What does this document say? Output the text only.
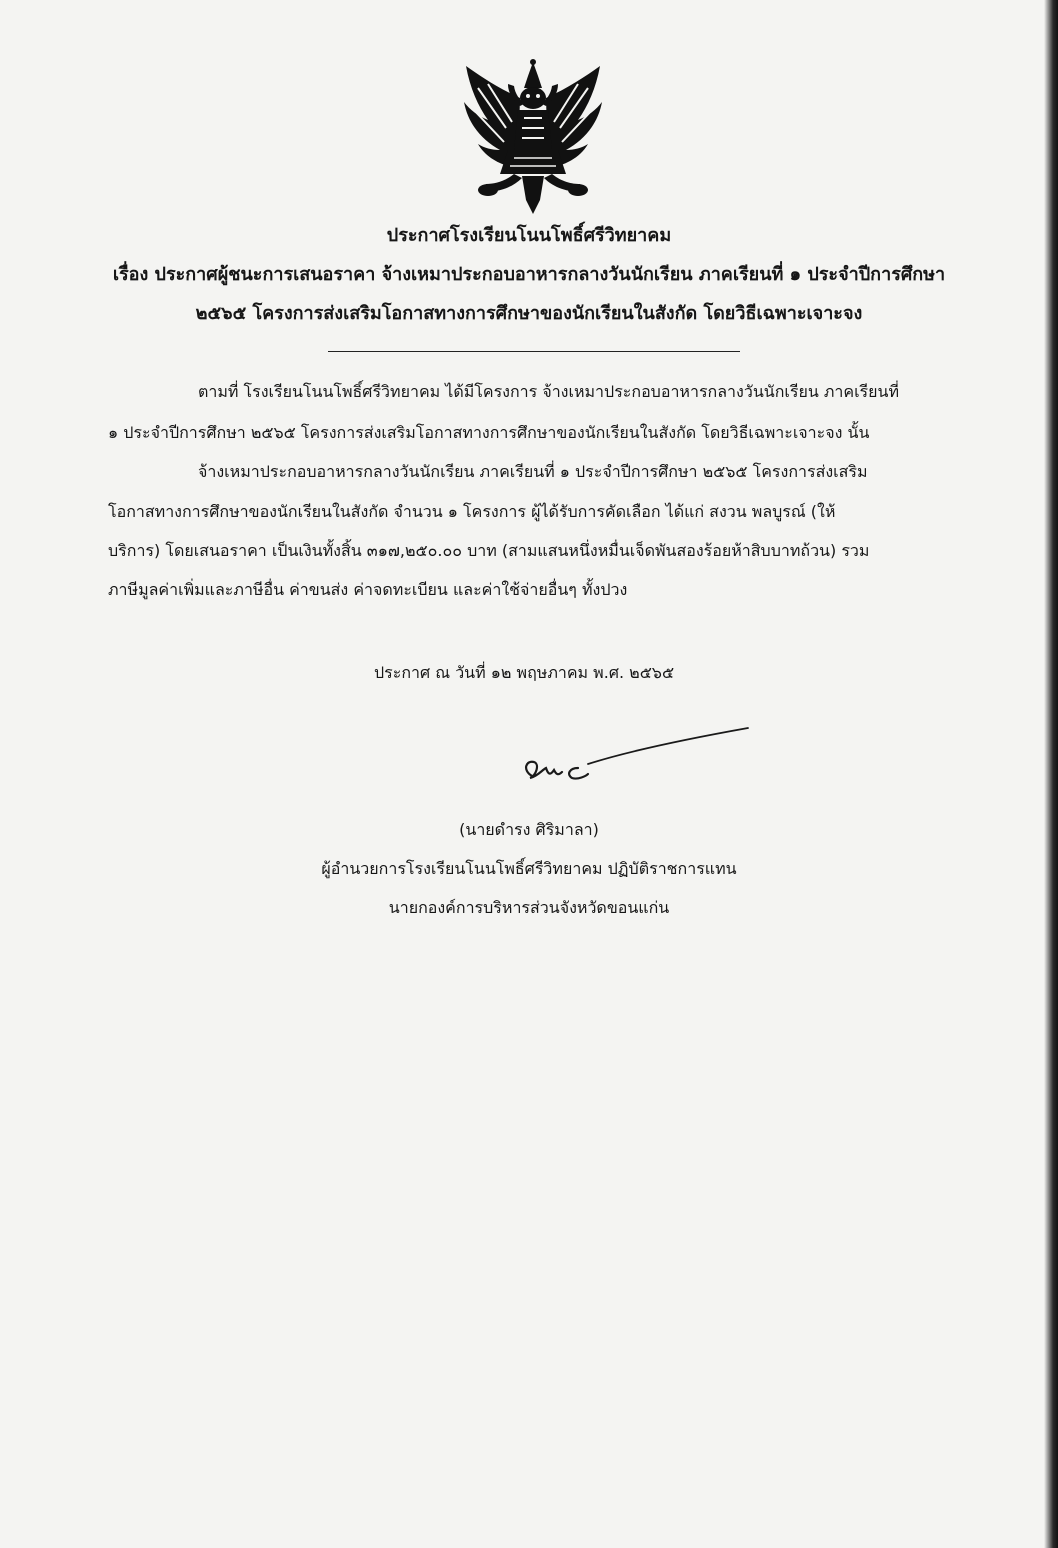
ประกาศโรงเรียนโนนโพธิ์ศรีวิทยาคม
เรื่อง ประกาศผู้ชนะการเสนอราคา จ้างเหมาประกอบอาหารกลางวันนักเรียน ภาคเรียนที่ ๑ ประจำปีการศึกษา
๒๕๖๕ โครงการส่งเสริมโอกาสทางการศึกษาของนักเรียนในสังกัด โดยวิธีเฉพาะเจาะจง
ตามที่ โรงเรียนโนนโพธิ์ศรีวิทยาคม ได้มีโครงการ จ้างเหมาประกอบอาหารกลางวันนักเรียน ภาคเรียนที่
๑ ประจำปีการศึกษา ๒๕๖๕ โครงการส่งเสริมโอกาสทางการศึกษาของนักเรียนในสังกัด โดยวิธีเฉพาะเจาะจง นั้น
จ้างเหมาประกอบอาหารกลางวันนักเรียน ภาคเรียนที่ ๑ ประจำปีการศึกษา ๒๕๖๕ โครงการส่งเสริม
โอกาสทางการศึกษาของนักเรียนในสังกัด จำนวน ๑ โครงการ ผู้ได้รับการคัดเลือก ได้แก่ สงวน พลบูรณ์ (ให้
บริการ) โดยเสนอราคา เป็นเงินทั้งสิ้น ๓๑๗,๒๕๐.๐๐ บาท (สามแสนหนึ่งหมื่นเจ็ดพันสองร้อยห้าสิบบาทถ้วน) รวม
ภาษีมูลค่าเพิ่มและภาษีอื่น ค่าขนส่ง ค่าจดทะเบียน และค่าใช้จ่ายอื่นๆ ทั้งปวง
ประกาศ ณ วันที่ ๑๒ พฤษภาคม พ.ศ. ๒๕๖๕
(นายดำรง ศิริมาลา)
ผู้อำนวยการโรงเรียนโนนโพธิ์ศรีวิทยาคม ปฏิบัติราชการแทน
นายกองค์การบริหารส่วนจังหวัดขอนแก่น
